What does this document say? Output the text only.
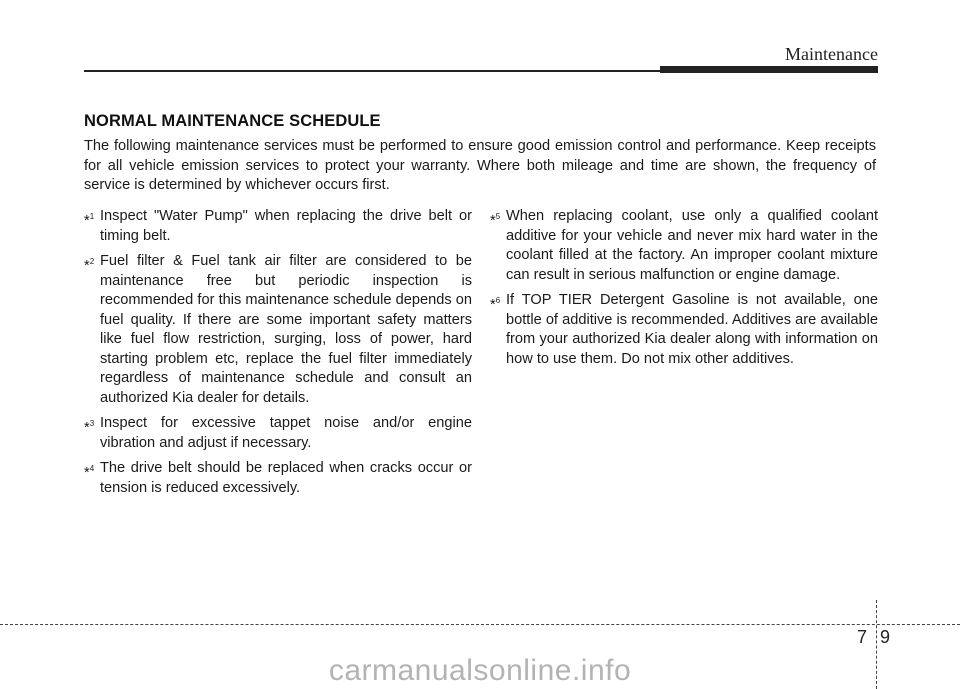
Maintenance
NORMAL MAINTENANCE SCHEDULE

The following maintenance services must be performed to ensure good emission control and performance. Keep receipts for all vehicle emission services to protect your warranty. Where both mileage and time are shown, the frequency of service is determined by whichever occurs first.

*$^1$ Inspect "Water Pump" when replacing the drive belt or timing belt.
*$^2$ Fuel filter & Fuel tank air filter are considered to be maintenance free but periodic inspection is recommended for this maintenance schedule depends on fuel quality. If there are some important safety matters like fuel flow restriction, surging, loss of power, hard starting problem etc, replace the fuel filter immediately regardless of maintenance schedule and consult an authorized Kia dealer for details.
*$^3$ Inspect for excessive tappet noise and/or engine vibration and adjust if necessary.
*$^4$ The drive belt should be replaced when cracks occur or tension is reduced excessively.
*$^5$ When replacing coolant, use only a qualified coolant additive for your vehicle and never mix hard water in the coolant filled at the factory. An improper coolant mixture can result in serious malfunction or engine damage.
*$^6$ If TOP TIER Detergent Gasoline is not available, one bottle of additive is recommended. Additives are available from your authorized Kia dealer along with information on how to use them. Do not mix other additives.
7 9
carmanualsonline.info
